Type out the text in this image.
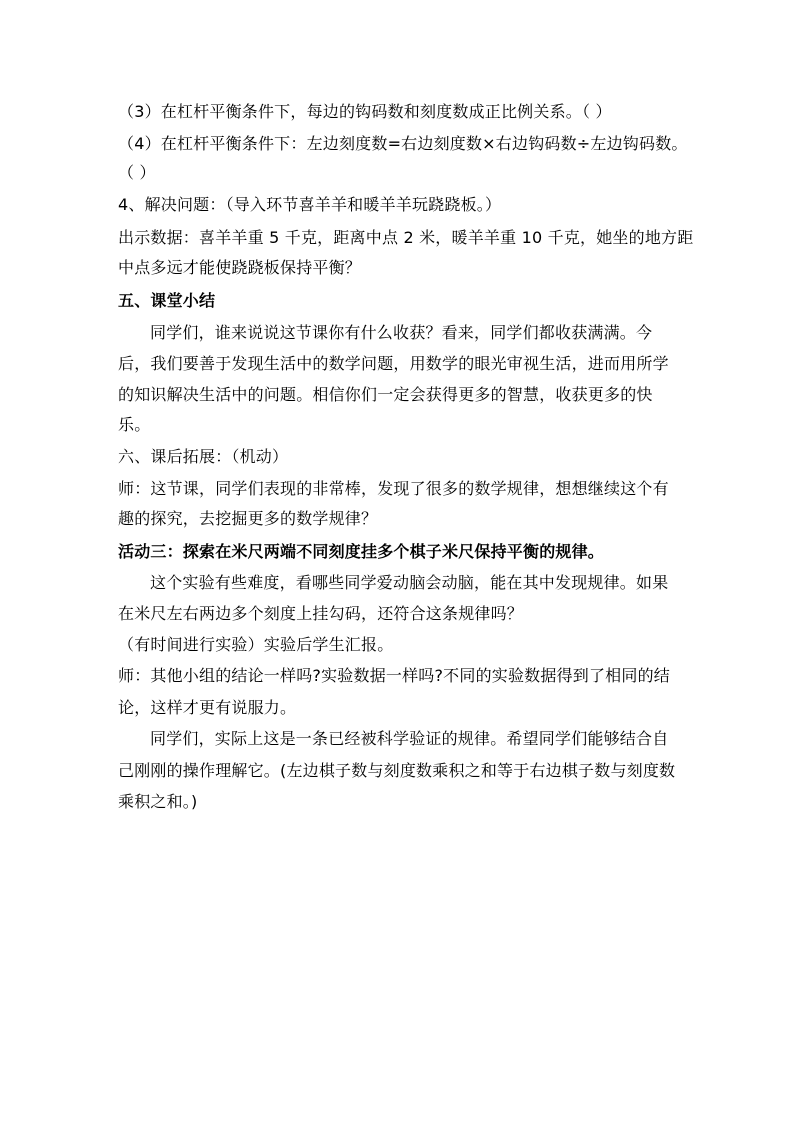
（3）在杠杆平衡条件下，每边的钩码数和刻度数成正比例关系。（ ）
（4）在杠杆平衡条件下：左边刻度数=右边刻度数×右边钩码数÷左边钩码数。
（ ）
4、解决问题：（导入环节喜羊羊和暖羊羊玩跷跷板。）
出示数据：喜羊羊重 5 千克，距离中点 2 米，暖羊羊重 10 千克，她坐的地方距
中点多远才能使跷跷板保持平衡？
五、课堂小结
同学们，谁来说说这节课你有什么收获？看来，同学们都收获满满。今
后，我们要善于发现生活中的数学问题，用数学的眼光审视生活，进而用所学
的知识解决生活中的问题。相信你们一定会获得更多的智慧，收获更多的快
乐。
六、课后拓展：（机动）
师：这节课，同学们表现的非常棒，发现了很多的数学规律，想想继续这个有
趣的探究，去挖掘更多的数学规律？
活动三：探索在米尺两端不同刻度挂多个棋子米尺保持平衡的规律。
这个实验有些难度，看哪些同学爱动脑会动脑，能在其中发现规律。如果
在米尺左右两边多个刻度上挂勾码，还符合这条规律吗？
（有时间进行实验）实验后学生汇报。
师：其他小组的结论一样吗?实验数据一样吗?不同的实验数据得到了相同的结
论，这样才更有说服力。
同学们，实际上这是一条已经被科学验证的规律。希望同学们能够结合自
己刚刚的操作理解它。(左边棋子数与刻度数乘积之和等于右边棋子数与刻度数
乘积之和。)
